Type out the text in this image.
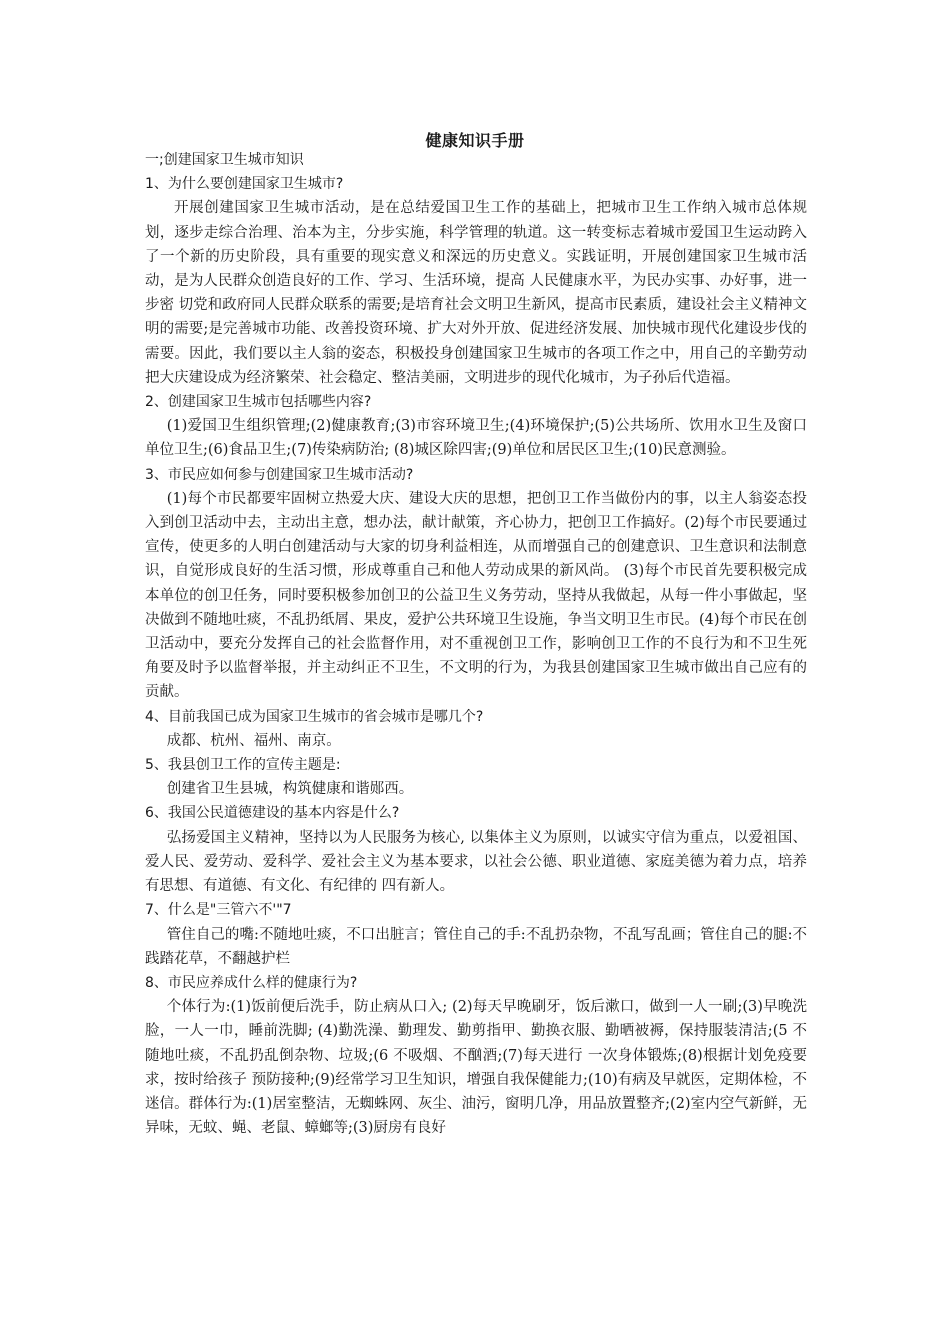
健康知识手册

一;创建国家卫生城市知识

1、为什么要创建国家卫生城市?

开展创建国家卫生城市活动，是在总结爱国卫生工作的基础上，把城市卫生工作纳入城市总体规划，逐步走综合治理、治本为主，分步实施，科学管理的轨道。这一转变标志着城市爱国卫生运动跨入了一个新的历史阶段，具有重要的现实意义和深远的历史意义。实践证明，开展创建国家卫生城市活动，是为人民群众创造良好的工作、学习、生活环境，提高 人民健康水平，为民办实事、办好事，进一步密 切党和政府同人民群众联系的需要;是培育社会文明卫生新风，提高市民素质，建设社会主义精神文明的需要;是完善城市功能、改善投资环境、扩大对外开放、促进经济发展、加快城市现代化建设步伐的需要。因此，我们要以主人翁的姿态，积极投身创建国家卫生城市的各项工作之中，用自己的辛勤劳动把大庆建设成为经济繁荣、社会稳定、整洁美丽，文明进步的现代化城市，为子孙后代造福。

2、创建国家卫生城市包括哪些内容?

(1)爱国卫生组织管理;(2)健康教育;(3)市容环境卫生;(4)环境保护;(5)公共场所、饮用水卫生及窗口单位卫生;(6)食品卫生;(7)传染病防治; (8)城区除四害;(9)单位和居民区卫生;(10)民意测验。

3、市民应如何参与创建国家卫生城市活动?

(1)每个市民都要牢固树立热爱大庆、建设大庆的思想，把创卫工作当做份内的事，以主人翁姿态投入到创卫活动中去，主动出主意，想办法，献计献策，齐心协力，把创卫工作搞好。(2)每个市民要通过宣传，使更多的人明白创建活动与大家的切身利益相连，从而增强自己的创建意识、卫生意识和法制意识，自觉形成良好的生活习惯，形成尊重自己和他人劳动成果的新风尚。 (3)每个市民首先要积极完成本单位的创卫任务，同时要积极参加创卫的公益卫生义务劳动，坚持从我做起，从每一件小事做起，坚决做到不随地吐痰，不乱扔纸屑、果皮，爱护公共环境卫生设施，争当文明卫生市民。(4)每个市民在创卫活动中，要充分发挥自己的社会监督作用，对不重视创卫工作，影响创卫工作的不良行为和不卫生死角要及时予以监督举报，并主动纠正不卫生，不文明的行为，为我县创建国家卫生城市做出自己应有的贡献。

4、目前我国已成为国家卫生城市的省会城市是哪几个?

成都、杭州、福州、南京。

5、我县创卫工作的宣传主题是:

创建省卫生县城，构筑健康和谐郧西。

6、我国公民道德建设的基本内容是什么?

弘扬爱国主义精神，坚持以为人民服务为核心, 以集体主义为原则，以诚实守信为重点，以爱祖国、爱人民、爱劳动、爱科学、爱社会主义为基本要求，以社会公德、职业道德、家庭美德为着力点，培养有思想、有道德、有文化、有纪律的 四有新人。

7、什么是"三管六不'"7

管住自己的嘴:不随地吐痰，不口出脏言；管住自己的手:不乱扔杂物，不乱写乱画；管住自己的腿:不践踏花草，不翻越护栏

8、市民应养成什么样的健康行为?

个体行为:(1)饭前便后洗手，防止病从口入; (2)每天早晚刷牙，饭后漱口，做到一人一刷;(3)早晚洗脸，一人一巾，睡前洗脚; (4)勤洗澡、勤理发、勤剪指甲、勤换衣服、勤晒被褥，保持服装清洁;(5 不随地吐痰，不乱扔乱倒杂物、垃圾;(6 不吸烟、不酗酒;(7)每天进行 一次身体锻炼;(8)根据计划免疫要求，按时给孩子 预防接种;(9)经常学习卫生知识，增强自我保健能力;(10)有病及早就医，定期体检，不迷信。群体行为:(1)居室整洁，无蜘蛛网、灰尘、油污，窗明几净，用品放置整齐;(2)室内空气新鲜，无异味，无蚊、蝇、老鼠、蟑螂等;(3)厨房有良好
